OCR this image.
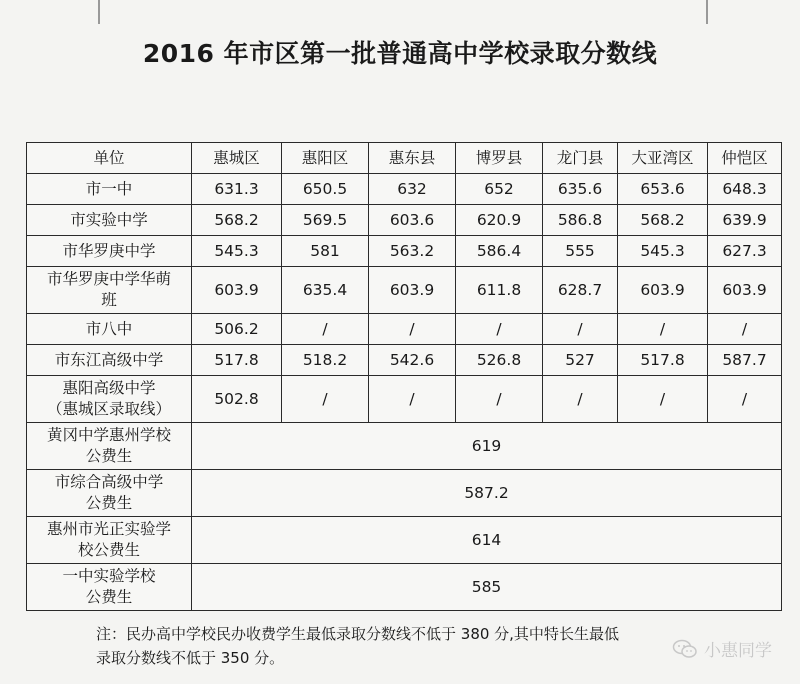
2016 年市区第一批普通高中学校录取分数线
单位	惠城区	惠阳区	惠东县	博罗县	龙门县	大亚湾区	仲恺区
市一中	631.3	650.5	632	652	635.6	653.6	648.3
市实验中学	568.2	569.5	603.6	620.9	586.8	568.2	639.9
市华罗庚中学	545.3	581	563.2	586.4	555	545.3	627.3

市华罗庚中学华萌
班	603.9	635.4	603.9	611.8	628.7	603.9	603.9
市八中	506.2	/	/	/	/	/	/
市东江高级中学	517.8	518.2	542.6	526.8	527	517.8	587.7

惠阳高级中学
（惠城区录取线）	502.8	/	/	/	/	/	/

黄冈中学惠州学校
公费生	619						

市综合高级中学
公费生	587.2						

惠州市光正实验学
校公费生	614						

一中实验学校
公费生	585						
注：民办高中学校民办收费学生最低录取分数线不低于 380 分,其中特长生最低
录取分数线不低于 350 分。	小惠同学
